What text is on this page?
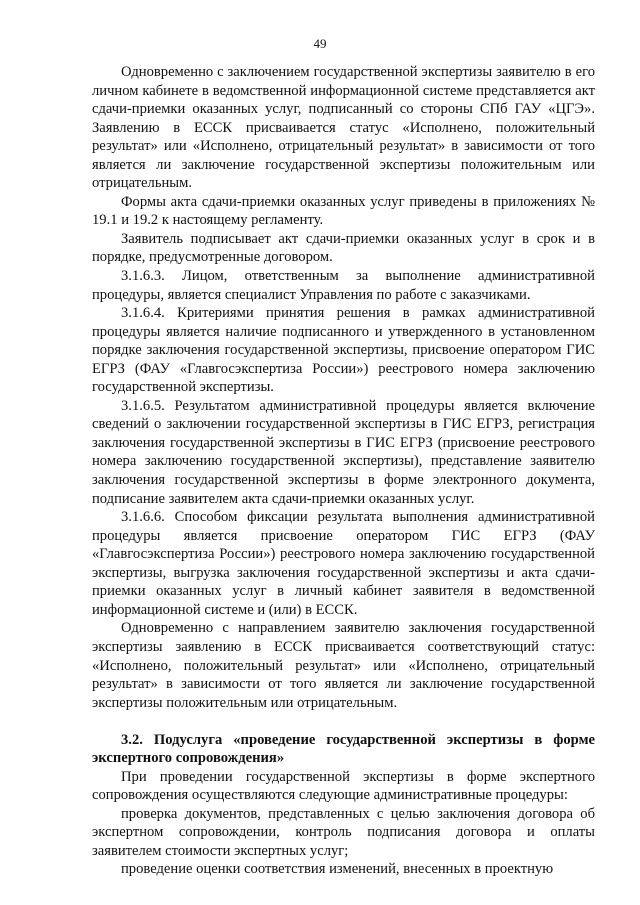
49

Одновременно с заключением государственной экспертизы заявителю в его личном кабинете в ведомственной информационной системе представляется акт сдачи-приемки оказанных услуг, подписанный со стороны СПб ГАУ «ЦГЭ». Заявлению в ЕССК присваивается статус «Исполнено, положительный результат» или «Исполнено, отрицательный результат» в зависимости от того является ли заключение государственной экспертизы положительным или отрицательным.

Формы акта сдачи-приемки оказанных услуг приведены в приложениях № 19.1 и 19.2 к настоящему регламенту.

Заявитель подписывает акт сдачи-приемки оказанных услуг в срок и в порядке, предусмотренные договором.

3.1.6.3. Лицом, ответственным за выполнение административной процедуры, является специалист Управления по работе с заказчиками.

3.1.6.4. Критериями принятия решения в рамках административной процедуры является наличие подписанного и утвержденного в установленном порядке заключения государственной экспертизы, присвоение оператором ГИС ЕГРЗ (ФАУ «Главгосэкспертиза России») реестрового номера заключению государственной экспертизы.

3.1.6.5. Результатом административной процедуры является включение сведений о заключении государственной экспертизы в ГИС ЕГРЗ, регистрация заключения государственной экспертизы в ГИС ЕГРЗ (присвоение реестрового номера заключению государственной экспертизы), представление заявителю заключения государственной экспертизы в форме электронного документа, подписание заявителем акта сдачи-приемки оказанных услуг.

3.1.6.6. Способом фиксации результата выполнения административной процедуры является присвоение оператором ГИС ЕГРЗ (ФАУ «Главгосэкспертиза России») реестрового номера заключению государственной экспертизы, выгрузка заключения государственной экспертизы и акта сдачи-приемки оказанных услуг в личный кабинет заявителя в ведомственной информационной системе и (или) в ЕССК.

Одновременно с направлением заявителю заключения государственной экспертизы заявлению в ЕССК присваивается соответствующий статус: «Исполнено, положительный результат» или «Исполнено, отрицательный результат» в зависимости от того является ли заключение государственной экспертизы положительным или отрицательным.

3.2. Подуслуга «проведение государственной экспертизы в форме экспертного сопровождения»

При проведении государственной экспертизы в форме экспертного сопровождения осуществляются следующие административные процедуры:

проверка документов, представленных с целью заключения договора об экспертном сопровождении, контроль подписания договора и оплаты заявителем стоимости экспертных услуг;

проведение оценки соответствия изменений, внесенных в проектную
